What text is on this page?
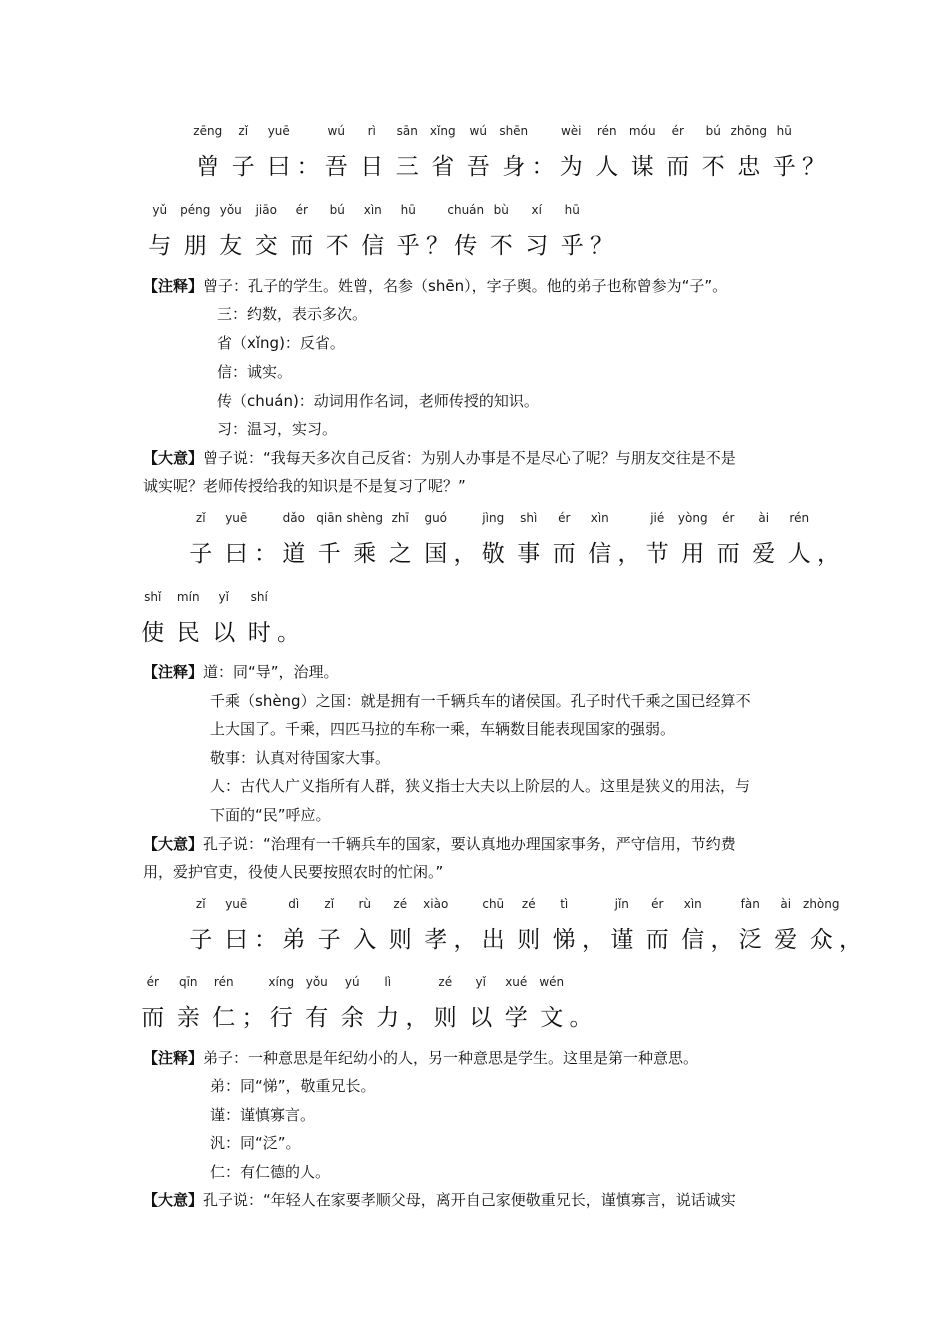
zēng
曾
zǐ
子
yuē
曰 ：
wú
吾
rì
日
sān
三
xǐng
省
wú
吾
shēn
身 ：
wèi
为
rén
人
móu
谋
ér
而
bú
不
zhōng
忠
hū
乎 ？
yǔ
与
péng
朋
yǒu
友
jiāo
交
ér
而
bú
不
xìn
信
hū
乎 ？
chuán
传
bù
不
xí
习
hū
乎 ？
【注释】曾子：孔子的学生。姓曾，名参（shēn），字子舆。他的弟子也称曾参为“子”。
三：约数，表示多次。
省（xǐng)：反省。
信：诚实。
传（chuán)：动词用作名词，老师传授的知识。
习：温习，实习。
【大意】曾子说：“我每天多次自己反省：为别人办事是不是尽心了呢？与朋友交往是不是
诚实呢？老师传授给我的知识是不是复习了呢？”
zǐ
子
yuē
曰 ：
dǎo
道
qiān
千
shèng
乘
zhī
之
guó
国 ，
jìng
敬
shì
事
ér
而
xìn
信 ，
jié
节
yòng
用
ér
而
ài
爱
rén
人 ，
shǐ
使
mín
民
yǐ
以
shí
时 。
【注释】道：同“导”，治理。
千乘（shèng）之国：就是拥有一千辆兵车的诸侯国。孔子时代千乘之国已经算不
上大国了。千乘，四匹马拉的车称一乘，车辆数目能表现国家的强弱。
敬事：认真对待国家大事。
人：古代人广义指所有人群，狭义指士大夫以上阶层的人。这里是狭义的用法，与
下面的“民”呼应。
【大意】孔子说：“治理有一千辆兵车的国家，要认真地办理国家事务，严守信用，节约费
用，爱护官吏，役使人民要按照农时的忙闲。”
zǐ
子
yuē
曰 ：
dì
弟
zǐ
子
rù
入
zé
则
xiào
孝 ，
chū
出
zé
则
tì
悌 ，
jǐn
谨
ér
而
xìn
信 ，
fàn
泛
ài
爱
zhòng
众 ，
ér
而
qīn
亲
rén
仁 ；
xíng
行
yǒu
有
yú
余
lì
力 ，
zé
则
yǐ
以
xué
学
wén
文 。
【注释】弟子：一种意思是年纪幼小的人，另一种意思是学生。这里是第一种意思。
弟：同“悌”，敬重兄长。
谨：谨慎寡言。
汎：同“泛”。
仁：有仁德的人。
【大意】孔子说：“年轻人在家要孝顺父母，离开自己家便敬重兄长，谨慎寡言，说话诚实
